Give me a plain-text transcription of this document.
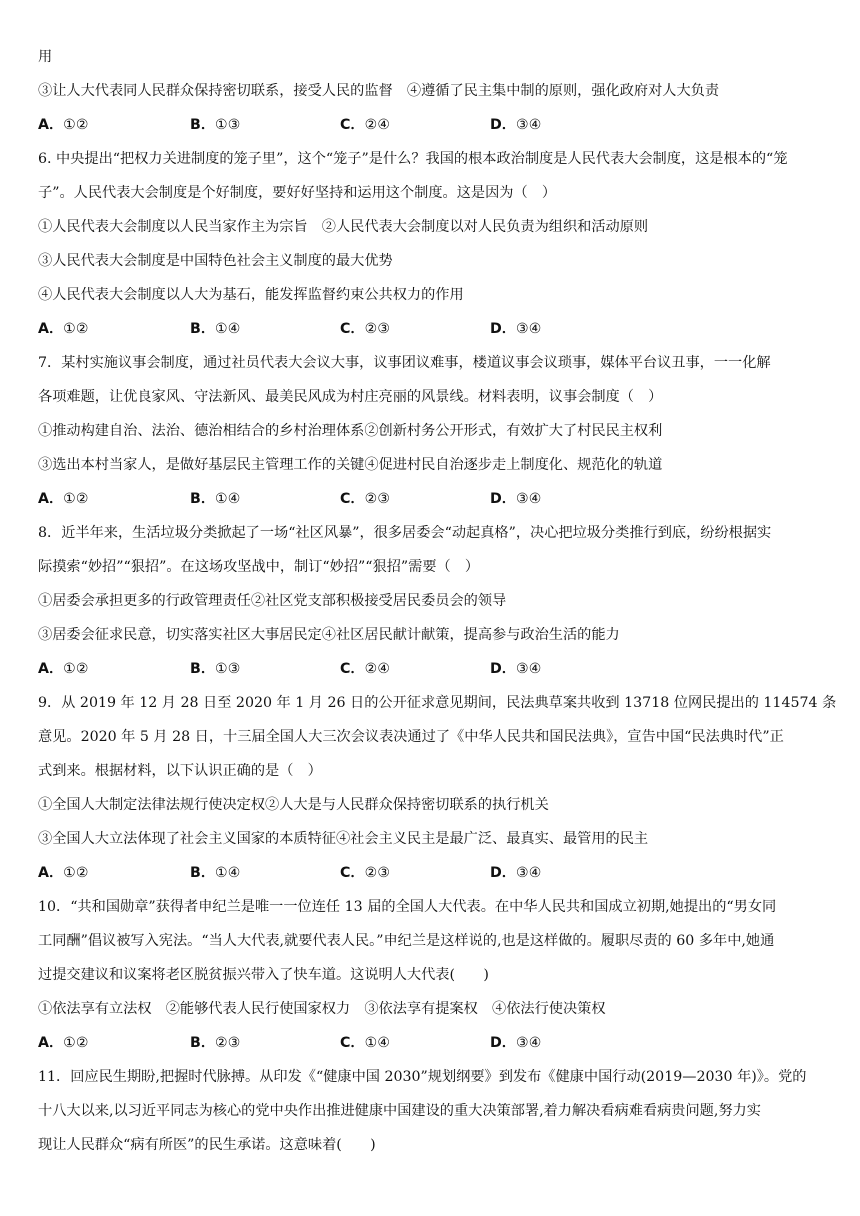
用
③让人大代表同人民群众保持密切联系，接受人民的监督　④遵循了民主集中制的原则，强化政府对人大负责
A．①②	B．①③	C．②④	D．③④
6. 中央提出“把权力关进制度的笼子里”，这个“笼子”是什么？我国的根本政治制度是人民代表大会制度，这是根本的“笼
子”。人民代表大会制度是个好制度，要好好坚持和运用这个制度。这是因为（　）
①人民代表大会制度以人民当家作主为宗旨　②人民代表大会制度以对人民负责为组织和活动原则
③人民代表大会制度是中国特色社会主义制度的最大优势
④人民代表大会制度以人大为基石，能发挥监督约束公共权力的作用
A．①②	B．①④	C．②③	D．③④
7．某村实施议事会制度，通过社员代表大会议大事，议事团议难事，楼道议事会议琐事，媒体平台议丑事，一一化解
各项难题，让优良家风、守法新风、最美民风成为村庄亮丽的风景线。材料表明，议事会制度（　）
①推动构建自治、法治、德治相结合的乡村治理体系②创新村务公开形式，有效扩大了村民民主权利
③选出本村当家人，是做好基层民主管理工作的关键④促进村民自治逐步走上制度化、规范化的轨道
A．①②	B．①④	C．②③	D．③④
8．近半年来，生活垃圾分类掀起了一场“社区风暴”，很多居委会“动起真格”，决心把垃圾分类推行到底，纷纷根据实
际摸索“妙招”“狠招”。在这场攻坚战中，制订“妙招”“狠招”需要（　）
①居委会承担更多的行政管理责任②社区党支部积极接受居民委员会的领导
③居委会征求民意，切实落实社区大事居民定④社区居民献计献策，提高参与政治生活的能力
A．①②	B．①③	C．②④	D．③④
9．从 2019 年 12 月 28 日至 2020 年 1 月 26 日的公开征求意见期间，民法典草案共收到 13718 位网民提出的 114574 条
意见。2020 年 5 月 28 日，十三届全国人大三次会议表决通过了《中华人民共和国民法典》，宣告中国“民法典时代”正
式到来。根据材料，以下认识正确的是（　）
①全国人大制定法律法规行使决定权②人大是与人民群众保持密切联系的执行机关
③全国人大立法体现了社会主义国家的本质特征④社会主义民主是最广泛、最真实、最管用的民主
A．①②	B．①④	C．②③	D．③④
10．“共和国勋章”获得者申纪兰是唯一一位连任 13 届的全国人大代表。在中华人民共和国成立初期,她提出的“男女同
工同酬”倡议被写入宪法。“当人大代表,就要代表人民。”申纪兰是这样说的,也是这样做的。履职尽责的 60 多年中,她通
过提交建议和议案将老区脱贫振兴带入了快车道。这说明人大代表(　　)
①依法享有立法权　②能够代表人民行使国家权力　③依法享有提案权　④依法行使决策权
A．①②	B．②③	C．①④	D．③④
11．回应民生期盼,把握时代脉搏。从印发《“健康中国 2030”规划纲要》到发布《健康中国行动(2019—2030 年)》。党的
十八大以来,以习近平同志为核心的党中央作出推进健康中国建设的重大决策部署,着力解决看病难看病贵问题,努力实
现让人民群众“病有所医”的民生承诺。这意味着(　　)
